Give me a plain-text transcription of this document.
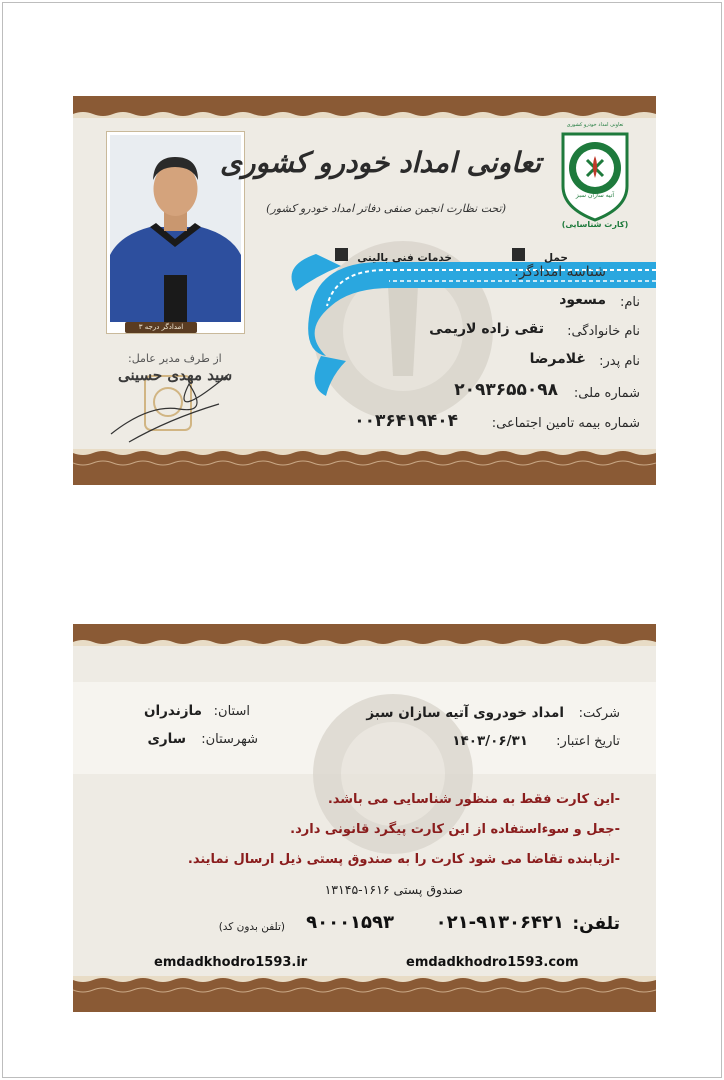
تعاونی امداد خودرو کشوری
آتیه سازان سبز
(کارت شناسایی)
امدادگر درجه ۳
تعاونی امداد خودرو کشوری
(تحت نظارت انجمن صنفی دفاتر امداد خودرو کشور)
حمل
خدمات فنی بالینی
شناسه امدادگر:
نام:
مسعود
نام خانوادگی:
تقی زاده لاریمی
نام پدر:
غلامرضا
شماره ملی:
۲۰۹۳۶۵۵۰۹۸
شماره بیمه تامین اجتماعی:
۰۰۳۶۴۱۹۴۰۴
از طرف مدیر عامل:
سید مهدی حسینی
شرکت:
امداد خودروی آتیه سازان سبز
تاریخ اعتبار:
۱۴۰۳/۰۶/۳۱
استان:
مازندران
شهرستان:
ساری
-این کارت فقط به منظور شناسایی می باشد.
-جعل و سوءاستفاده از این کارت پیگرد قانونی دارد.
-ازیابنده تقاضا می شود کارت را به صندوق پستی ذیل ارسال نمایند.
صندوق پستی ۱۶۱۶-۱۳۱۴۵
تلفن:
۰۲۱-۹۱۳۰۶۴۲۱
۹۰۰۰۱۵۹۳
(تلفن بدون کد)
emdadkhodro1593.com
emdadkhodro1593.ir
